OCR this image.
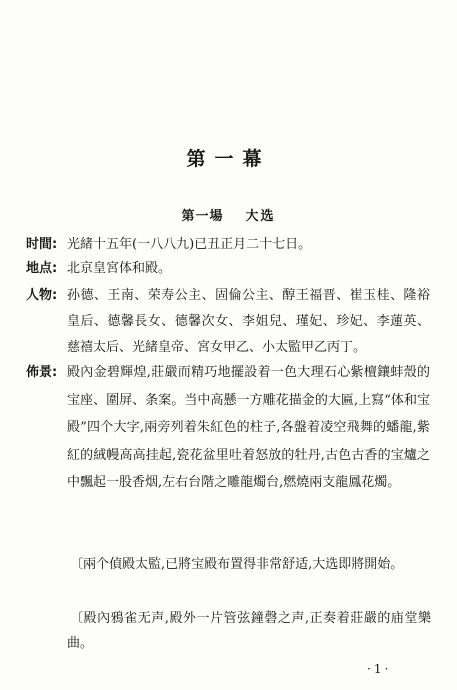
第一幕
第一場 大选
时間: 光緒十五年(一八八九)已丑正月二十七日。
地点: 北京皇宮体和殿。
人物: 孙德、王南、荣寿公主、固倫公主、醇王福晋、崔玉桂、隆裕皇后、德馨長女、德馨次女、李姐兒、瑾妃、珍妃、李蓮英、慈禧太后、光緒皇帝、宮女甲乙、小太監甲乙丙丁。
佈景: 殿內金碧輝煌,莊嚴而精巧地擺設着一色大理石心紫檀鑲蚌殼的宝座、圍屏、条案。当中高懸一方雕花描金的大匾,上寫“体和宝殿”四个大字,兩旁列着朱紅色的柱子,各盤着凌空飛舞的蟠龍,紫紅的絨幔高高挂起,瓷花盆里吐着怒放的牡丹,古色古香的宝爐之中飄起一股香烟,左右台階之雕龍燭台,燃燒兩支龍鳳花燭。
〔兩个偵殿太監,已將宝殿布置得非常舒适,大选即將開始。
〔殿內鴉雀无声,殿外一片管弦鐘磬之声,正奏着莊嚴的庙堂樂曲。
·1·
